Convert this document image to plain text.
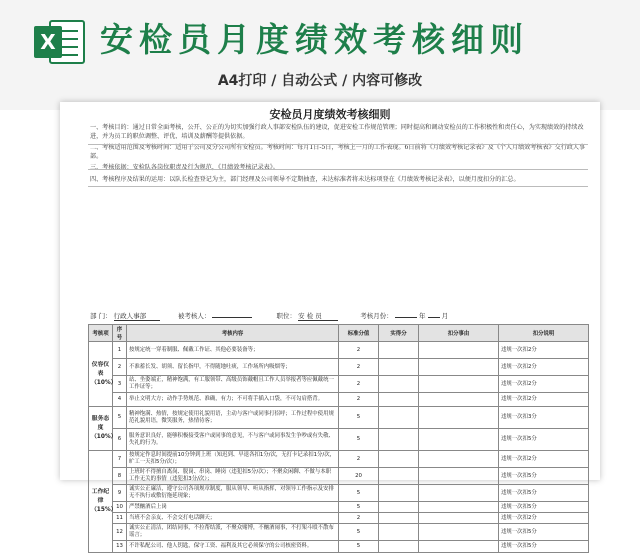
X 安检员月度绩效考核细则
A4打印 / 自动公式 / 内容可修改
安检员月度绩效考核细则

一、考核目的：通过日常全面考核，公开、公正的为切实加强行政人事部安检队伍的建设，促进安检工作规范管理；同时提高和调动安检员的工作积极性和责任心，为实现绩效的持续改进，并为员工的职位调整、评优、培训及薪酬等提供依据。

二、考核适用范围及考核时间：适用于公司及分公司所有安检员。考核时间：每月1日-5日，考核上一月的工作表现。6日前将《月绩效考核记录表》及《个人月绩效考核表》交行政人事部。

三、考核依据：安检队各岗位职责及行为规范，《月绩效考核记录表》。

四、考核程序及结果的运用：以队长检查登记为主，部门经理及公司领导不定期抽查，未达标准者将未达标项登在《月绩效考核记录表》，以便月度扣分的汇总。

部 门： 行政人事部	被考核人：	职位： 安 检 员	考核月份：	年 月
考核项	序号	考核内容	标准分值	实得分	扣分事由	扣分说明
仪容仪表
（10%）	1	按规定统一穿着制服、佩戴工作证、其他必要装备等；	2			违规一次扣2分
	2	不准蓄长发、胡须、留长指甲，不得随地吐痰，工作场所内吸烟等；	2			违规一次扣2分
	3	站、坐姿端正，精神饱满，有工服领带、高级员饰戴帽且工作人员举报者等应佩戴统一工作证等；	2			违规一次扣2分
	4	举止文明大方；动作手势规范、准确，有力；不可将手插入口袋，不可勾肩搭背。	2			违规一次扣2分
服务态度
（10%）	5	精神饱满、热情，按规定使用礼貌用语，主动与客户或同事打招呼；工作过程中使用规范礼貌用语，微笑服务，热情待客；	5			违规一次扣3分
	6	服务意识良好，能够积极接受客户或同事的意见，不与客户或同事发生争吵或有失敬、失礼的行为。	5			违规一次扣5分
工作纪律
（15%）	7	按规定作息时间提前10分钟到上班（知迟到、早退各扣1分/次，无打卡记录扣1分/次，旷工一天扣5分/次）；	2			违规一次扣2分
	8	上班时不得擅自离岗、脱岗、串岗、睡岗（违犯扣5分/次）；不聚众闲聊、不做与本职工作无关的事情（违犯扣3分/次）；	20			违规一次扣5分
	9	诚实公正廉洁，遵守公司各项规章制度，服从领导、听从指挥，对领导工作指示及安排无不执行或敷衍拖延现象；	5			违规一次扣5分
	10	严禁酗酒后上岗	5			违规一次扣5分
	11	当班不会亲友、不会交打电话聊天；	2			违规一次扣2分
	12	诚实公正清洁，团结同事，不拉帮结派，不聚众赌博，不酗酒闹事，不打架斗殴不散布谣言；	5			违规一次扣5分
	13	不许私配公司、他人钥匙，保守工资、福利及其它必须保守的公司核密资料。	5			违规一次扣5分
